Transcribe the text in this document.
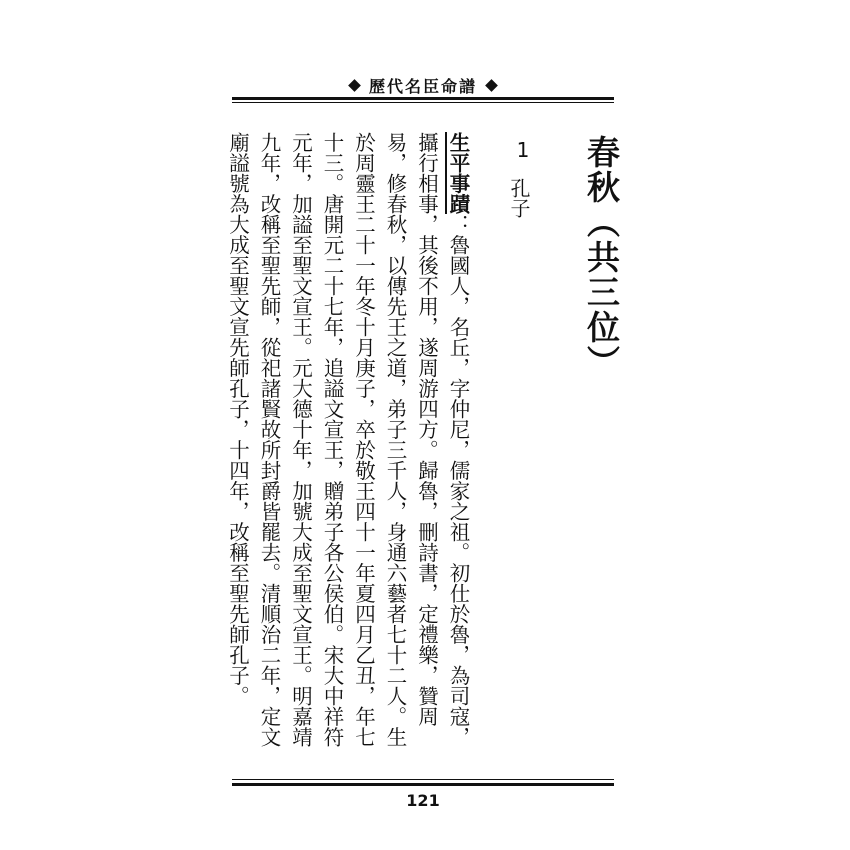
歷代名臣命譜
春秋（共三位）
1
孔子
生平事蹟：魯國人，名丘，字仲尼，儒家之祖。初仕於魯，為司寇，攝行相事，其後不用，遂周游四方。歸魯，刪詩書，定禮樂，贊周易，修春秋，以傳先王之道，弟子三千人，身通六藝者七十二人。生於周靈王二十一年冬十月庚子，卒於敬王四十一年夏四月乙丑，年七十三。唐開元二十七年，追謚文宣王，贈弟子各公侯伯。宋大中祥符元年，加謚至聖文宣王。元大德十年，加號大成至聖文宣王。明嘉靖九年，改稱至聖先師，從祀諸賢故所封爵皆罷去。清順治二年，定文廟謚號為大成至聖文宣先師孔子，十四年，改稱至聖先師孔子。
121
